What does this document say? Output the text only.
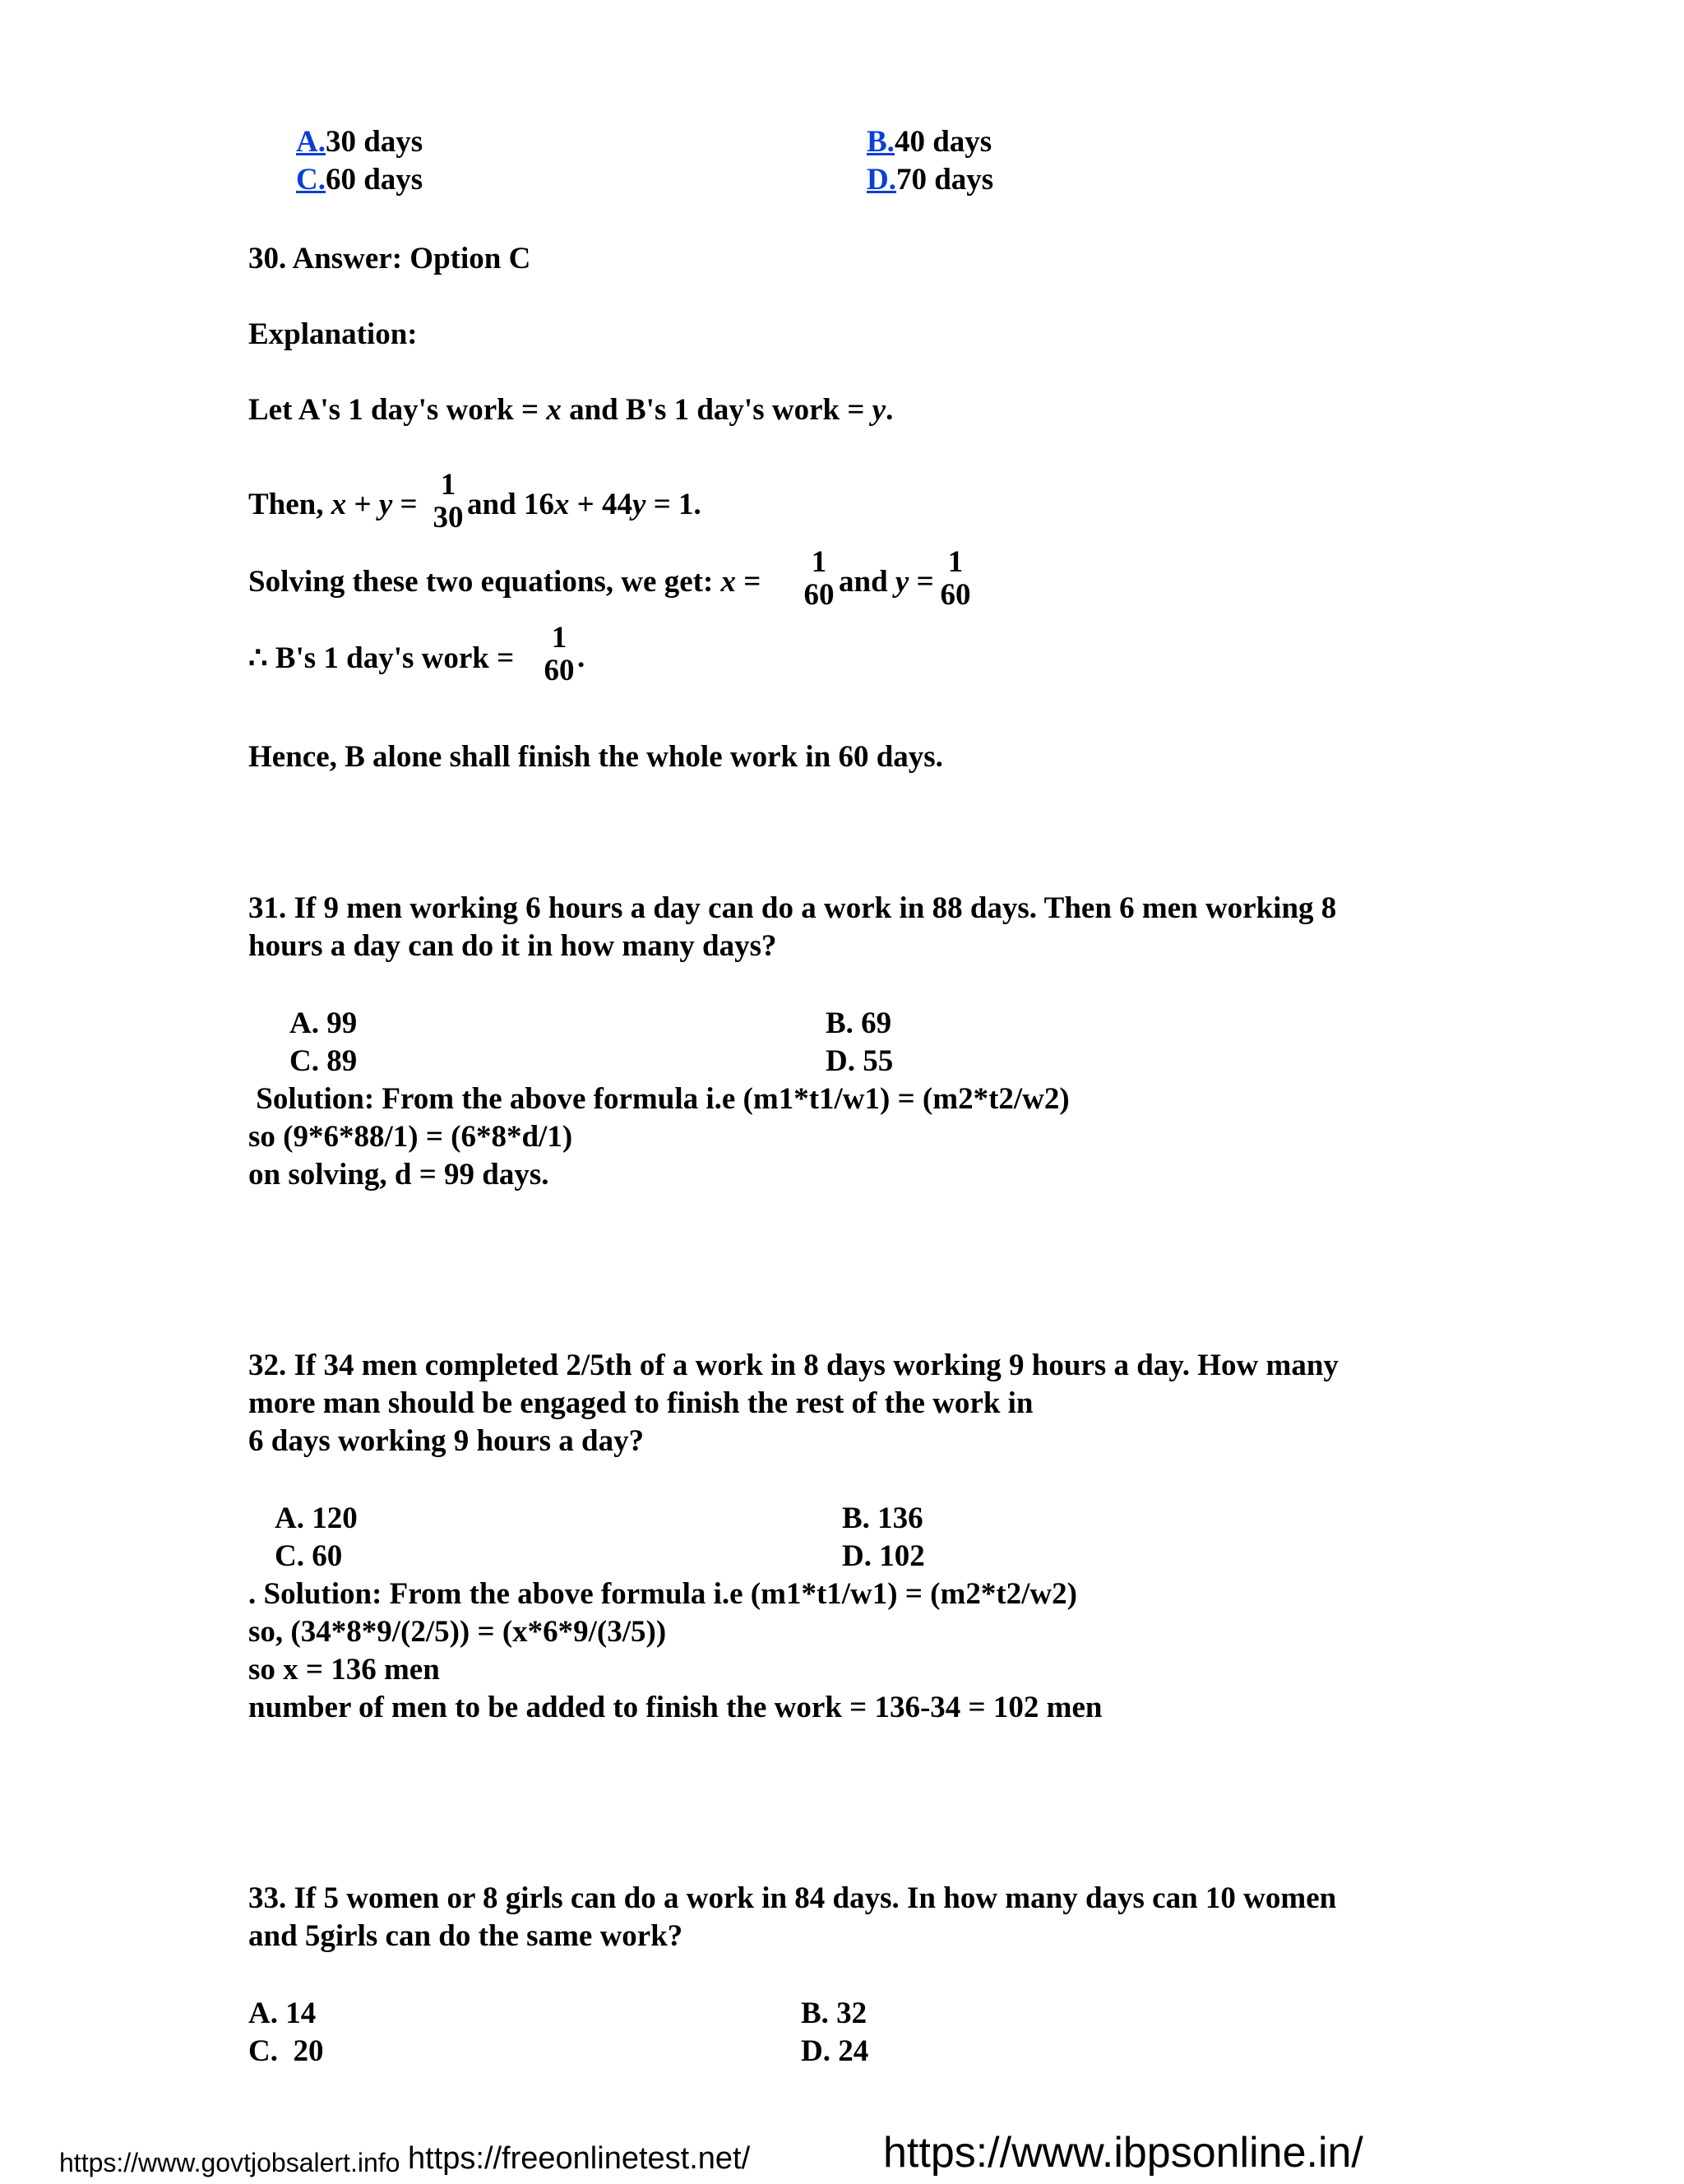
A.30 days	B.40 days
C.60 days	D.70 days
30. Answer: Option C
Explanation:
Let A's 1 day's work = x and B's 1 day's work = y.
Then, x + y =
1
30 and 16x + 44y = 1.
Solving these two equations, we get: x =
1
60 and y =
1
60
∴ B's 1 day's work =
1
60 .
Hence, B alone shall finish the whole work in 60 days.
31. If 9 men working 6 hours a day can do a work in 88 days. Then 6 men working 8
hours a day can do it in how many days?
A. 99	B. 69
C. 89	D. 55
Solution: From the above formula i.e (m1*t1/w1) = (m2*t2/w2)
so (9*6*88/1) = (6*8*d/1)
on solving, d = 99 days.
32. If 34 men completed 2/5th of a work in 8 days working 9 hours a day. How many
more man should be engaged to finish the rest of the work in
6 days working 9 hours a day?
A. 120	B. 136
C. 60	D. 102
. Solution: From the above formula i.e (m1*t1/w1) = (m2*t2/w2)
so, (34*8*9/(2/5)) = (x*6*9/(3/5))
so x = 136 men
number of men to be added to finish the work = 136-34 = 102 men
33. If 5 women or 8 girls can do a work in 84 days. In how many days can 10 women
and 5girls can do the same work?
A. 14	B. 32
C.  20	D. 24
https://www.govtjobsalert.info https://freeonlinetest.net/	https://www.ibpsonline.in/
